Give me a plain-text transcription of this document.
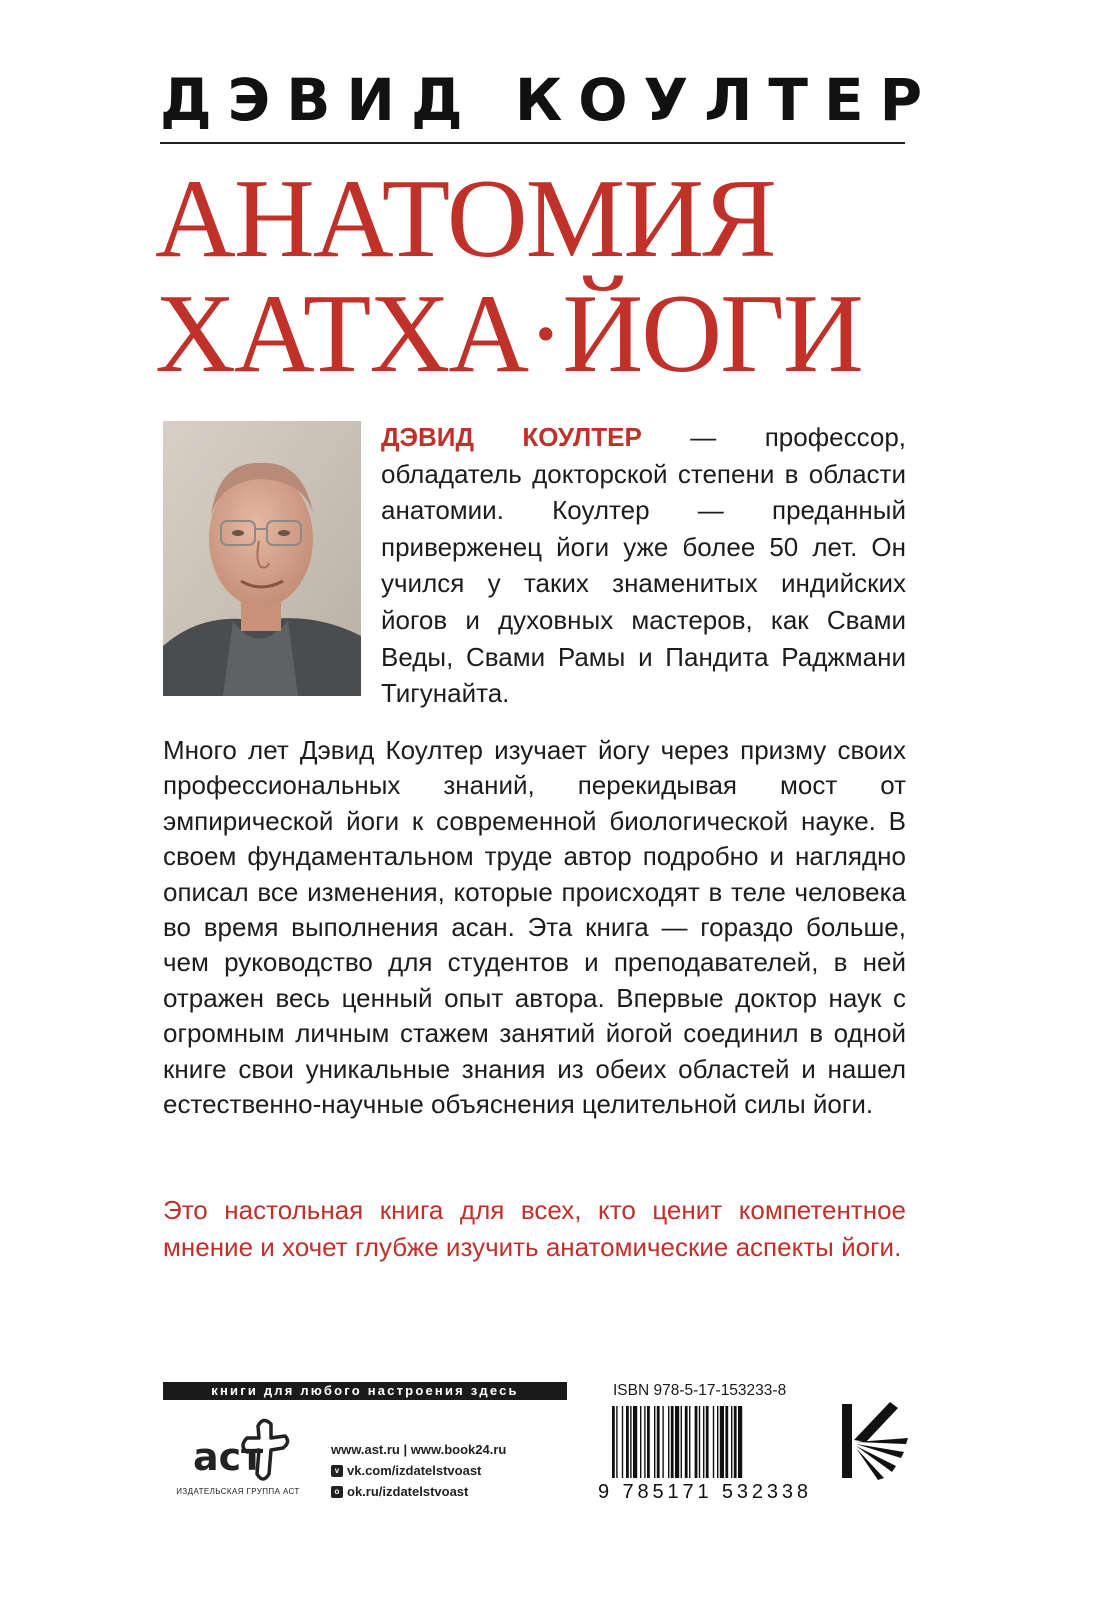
ДЭВИД КОУЛТЕР
АНАТОМИЯ
ХАТХА·ЙОГИ
ДЭВИД КОУЛТЕР — профессор, обладатель докторской степени в области анатомии. Коултер — преданный приверженец йоги уже более 50 лет. Он учился у таких знаменитых индийских йогов и духовных мастеров, как Свами Веды, Свами Рамы и Пандита Раджмани Тигунайта.
Много лет Дэвид Коултер изучает йогу через призму своих профессиональных знаний, перекидывая мост от эмпирической йоги к современной биологической науке. В своем фундаментальном труде автор подробно и наглядно описал все изменения, которые происходят в теле человека во время выполнения асан. Эта книга — гораздо больше, чем руководство для студентов и преподавателей, в ней отражен весь ценный опыт автора. Впервые доктор наук с огромным личным стажем занятий йогой соединил в одной книге свои уникальные знания из обеих областей и нашел естественно-научные объяснения целительной силы йоги.
Это настольная книга для всех, кто ценит компетентное мнение и хочет глубже изучить анатомические аспекты йоги.
книги для любого настроения здесь
аст
ИЗДАТЕЛЬСКАЯ ГРУППА АСТ
www.ast.ru | www.book24.ru
v vk.com/izdatelstvoast
o ok.ru/izdatelstvoast
ISBN 978-5-17-153233-8
9 785171 532338
